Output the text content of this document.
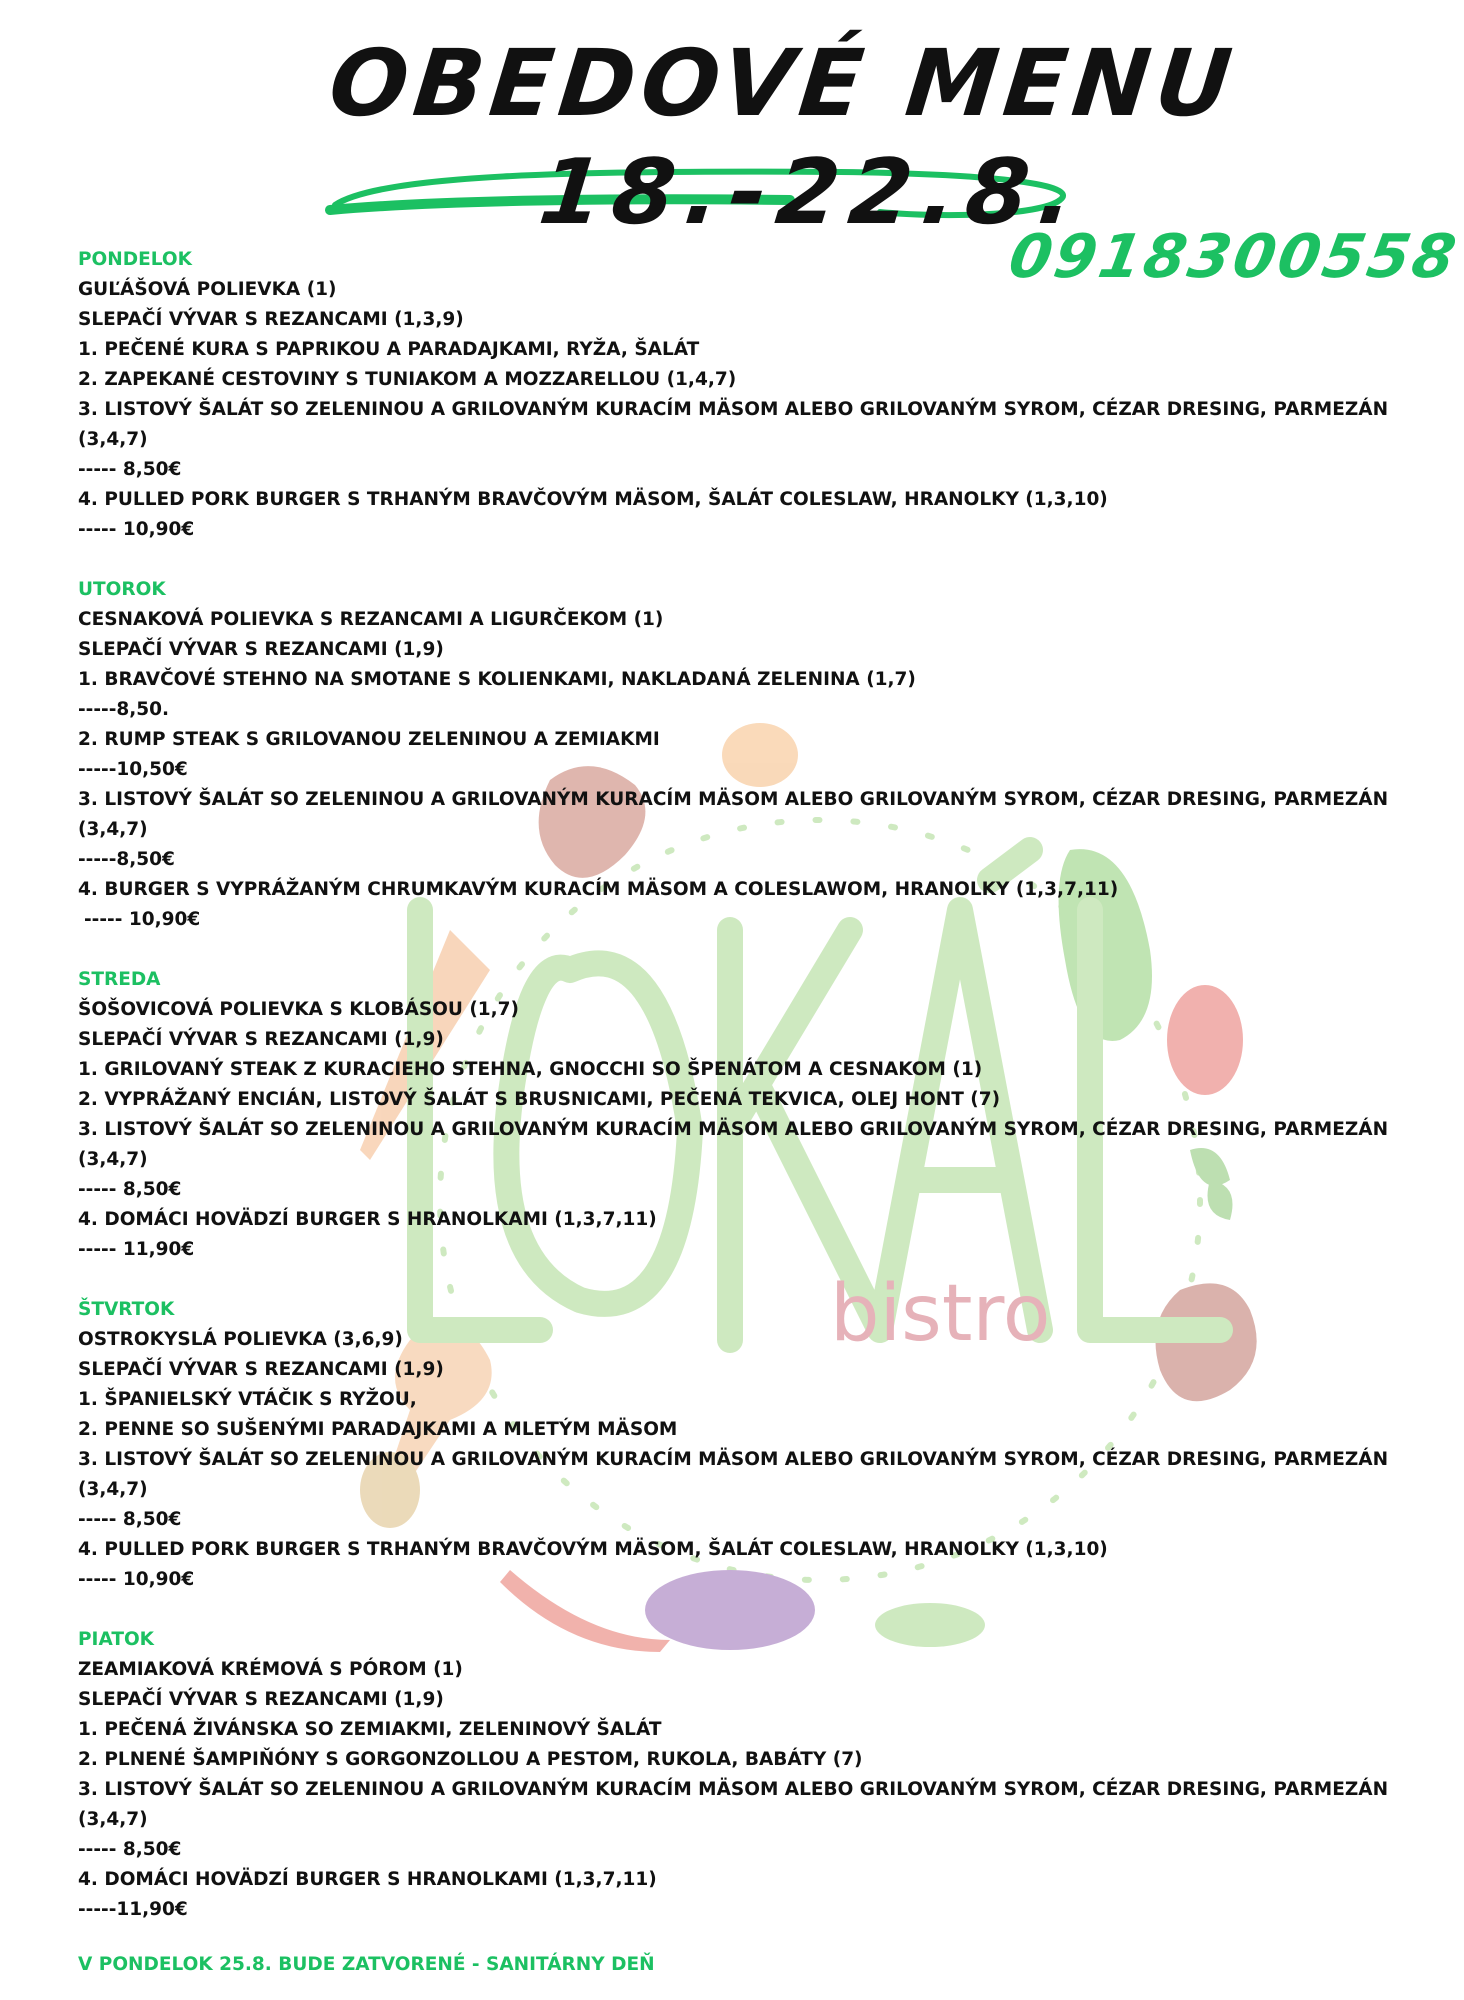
OBEDOVÉ MENU
18.-22.8.
0918300558
bistro
PONDELOK
GUĽÁŠOVÁ POLIEVKA (1)
SLEPAČÍ VÝVAR S REZANCAMI (1,3,9)
1. PEČENÉ KURA S PAPRIKOU A PARADAJKAMI, RYŽA, ŠALÁT
2. ZAPEKANÉ CESTOVINY S TUNIAKOM A MOZZARELLOU (1,4,7)
3. LISTOVÝ ŠALÁT SO ZELENINOU A GRILOVANÝM KURACÍM MÄSOM ALEBO GRILOVANÝM SYROM, CÉZAR DRESING, PARMEZÁN
(3,4,7)
----- 8,50€
4. PULLED PORK BURGER S TRHANÝM BRAVČOVÝM MÄSOM, ŠALÁT COLESLAW, HRANOLKY (1,3,10)
----- 10,90€
UTOROK
CESNAKOVÁ POLIEVKA S REZANCAMI A LIGURČEKOM (1)
SLEPAČÍ VÝVAR S REZANCAMI (1,9)
1. BRAVČOVÉ STEHNO NA SMOTANE S KOLIENKAMI, NAKLADANÁ ZELENINA (1,7)
-----8,50.
2. RUMP STEAK S GRILOVANOU ZELENINOU A ZEMIAKMI
-----10,50€
3. LISTOVÝ ŠALÁT SO ZELENINOU A GRILOVANÝM KURACÍM MÄSOM ALEBO GRILOVANÝM SYROM, CÉZAR DRESING, PARMEZÁN
(3,4,7)
-----8,50€
4. BURGER S VYPRÁŽANÝM CHRUMKAVÝM KURACÍM MÄSOM A COLESLAWOM, HRANOLKY (1,3,7,11)
----- 10,90€
STREDA
ŠOŠOVICOVÁ POLIEVKA S KLOBÁSOU (1,7)
SLEPAČÍ VÝVAR S REZANCAMI (1,9)
1. GRILOVANÝ STEAK Z KURACIEHO STEHNA, GNOCCHI SO ŠPENÁTOM A CESNAKOM (1)
2. VYPRÁŽANÝ ENCIÁN, LISTOVÝ ŠALÁT S BRUSNICAMI, PEČENÁ TEKVICA, OLEJ HONT (7)
3. LISTOVÝ ŠALÁT SO ZELENINOU A GRILOVANÝM KURACÍM MÄSOM ALEBO GRILOVANÝM SYROM, CÉZAR DRESING, PARMEZÁN
(3,4,7)
----- 8,50€
4. DOMÁCI HOVÄDZÍ BURGER S HRANOLKAMI (1,3,7,11)
----- 11,90€
ŠTVRTOK
OSTROKYSLÁ POLIEVKA (3,6,9)
SLEPAČÍ VÝVAR S REZANCAMI (1,9)
1. ŠPANIELSKÝ VTÁČIK S RYŽOU,
2. PENNE SO SUŠENÝMI PARADAJKAMI A MLETÝM MÄSOM
3. LISTOVÝ ŠALÁT SO ZELENINOU A GRILOVANÝM KURACÍM MÄSOM ALEBO GRILOVANÝM SYROM, CÉZAR DRESING, PARMEZÁN
(3,4,7)
----- 8,50€
4. PULLED PORK BURGER S TRHANÝM BRAVČOVÝM MÄSOM, ŠALÁT COLESLAW, HRANOLKY (1,3,10)
----- 10,90€
PIATOK
ZEAMIAKOVÁ KRÉMOVÁ S PÓROM (1)
SLEPAČÍ VÝVAR S REZANCAMI (1,9)
1. PEČENÁ ŽIVÁNSKA SO ZEMIAKMI, ZELENINOVÝ ŠALÁT
2. PLNENÉ ŠAMPIŇÓNY S GORGONZOLLOU A PESTOM, RUKOLA, BABÁTY (7)
3. LISTOVÝ ŠALÁT SO ZELENINOU A GRILOVANÝM KURACÍM MÄSOM ALEBO GRILOVANÝM SYROM, CÉZAR DRESING, PARMEZÁN
(3,4,7)
----- 8,50€
4. DOMÁCI HOVÄDZÍ BURGER S HRANOLKAMI (1,3,7,11)
-----11,90€
V PONDELOK 25.8. BUDE ZATVORENÉ - SANITÁRNY DEŇ
